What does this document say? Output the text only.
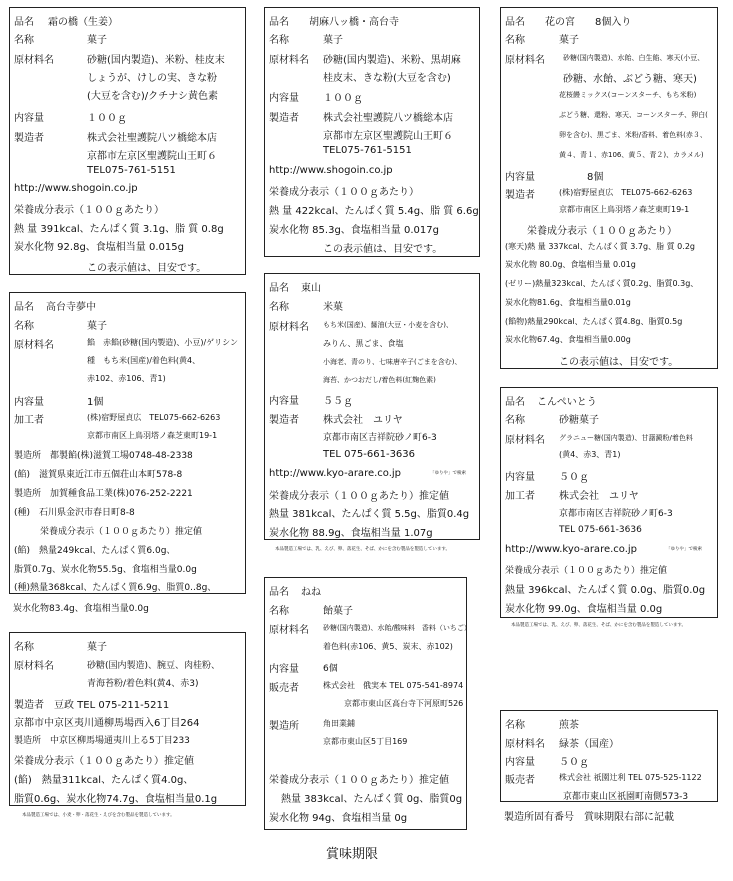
品名 霜の橋（生姜）
名称	菓子
原材料名	砂糖(国内製造)、米粉、桂皮末
しょうが、けしの実、きな粉
(大豆を含む)/クチナシ黄色素
内容量	１００ｇ
製造者	株式会社聖護院八ツ橋総本店
京都市左京区聖護院山王町６
TEL075-761-5151
http://www.shogoin.co.jp
栄養成分表示（１００ｇあたり）
熱 量 391kcal、たんぱく質 3.1g、脂 質 0.8g
炭水化物 92.8g、食塩相当量 0.015g
この表示値は、目安です。
品名 胡麻八ッ橋・高台寺
名称	菓子
原材料名 砂糖(国内製造)、米粉、黒胡麻
桂皮末、きな粉(大豆を含む)
内容量 １００ｇ
製造者 株式会社聖護院八ツ橋総本店
京都市左京区聖護院山王町６
TEL075-761-5151
http://www.shogoin.co.jp
栄養成分表示（１００ｇあたり）
熱 量 422kcal、たんぱく質 5.4g、脂 質 6.6g
炭水化物 85.3g、食塩相当量 0.017g
この表示値は、目安です。
品名 花の宮　　8個入り
名称	菓子
原材料名	砂糖(国内製造)、水飴、白生餡、寒天(小豆、
砂糖、水飴、ぶどう糖、寒天)
花桜饅ミックス(コーンスターチ、もち米粉)
ぶどう糖、還粉、寒天、コーンスターチ、卵白(
卵を含む)、黒ごま、米粉/香料、着色料(赤３、
黄４、青１、赤106、黄５、青２)、カラメル)
内容量	8個
製造者	(株)宿野屋貞広　TEL075-662-6263
京都市南区上鳥羽塔ノ森芝東町19-1
栄養成分表示（１００ｇあたり）
(寒天)熱 量 337kcal、たんぱく質 3.7g、脂 質 0.2g
炭水化物 80.0g、食塩相当量 0.01g
(ゼリー)熱量323kcal、たんぱく質0.2g、脂質0.3g、
炭水化物81.6g、食塩相当量0.01g
(餡物)熱量290kcal、たんぱく質4.8g、脂質0.5g
炭水化物67.4g、食塩相当量0.00g
この表示値は、目安です。
品名 高台寺夢中
名称	菓子
原材料名	餡　赤餡(砂糖(国内製造)、小豆)/ゲリシン
種　もち米(国産)/着色料(黄4、
赤102、赤106、青1)
内容量	1個
加工者	(株)宿野屋貞広　TEL075-662-6263
京都市南区上鳥羽塔ノ森芝東町19-1
製造所　都製餡(株)滋賀工場0748-48-2338
(餡)　滋賀県東近江市五個荘山本町578-8
製造所　加賀種食品工業(株)076-252-2221
(種)　石川県金沢市春日町8-8
栄養成分表示（１００ｇあたり）推定値
(餡)　熱量249kcal、たんぱく質6.0g、
脂質0.7g、炭水化物55.5g、食塩相当量0.0g
(種)熱量368kcal、たんぱく質6.9g、脂質0..8g、
炭水化物83.4g、食塩相当量0.0g
品名 東山
名称	米菓
原材料名 もち米(国産)、醤油(大豆・小麦を含む)、
みりん、黒ごま、食塩
小海老、青のり、七味唐辛子(ごまを含む)、
海苔、かつおだし/着色料(紅麹色素)
内容量 ５５ｇ
製造者 株式会社　ユリヤ
京都市南区吉祥院砂ノ町6-3
TEL 075-661-3636
http://www.kyo-arare.co.jp	「ゆりや」で検索
栄養成分表示（１００ｇあたり）推定値
熱量 381kcal、たんぱく質 5.5g、脂質0.4g
炭水化物 88.9g、食塩相当量 1.07g
本品製造工場では、乳、えび、卵、落花生、そば、かにを含む製品を製造しています。
品名 こんぺいとう
名称	砂糖菓子
原材料名 グラニュー糖(国内製造)、甘藷澱粉/着色料
(黄4、赤3、青1)
内容量 ５０ｇ
加工者 株式会社　ユリヤ
京都市南区吉祥院砂ノ町6-3
TEL 075-661-3636
http://www.kyo-arare.co.jp	「ゆりや」で検索
栄養成分表示（１００ｇあたり）推定値
熱量 396kcal、たんぱく質 0.0g、脂質0.0g
炭水化物 99.0g、食塩相当量 0.0g
本品製造工場では、乳、えび、卵、落花生、そば、かにを含む製品を製造しています。
名称	菓子
原材料名	砂糖(国内製造)、腕豆、肉桂粉、
青海苔粉/着色料(黄4、赤3)
製造者 豆政 TEL 075-211-5211
京都市中京区夷川通柳馬場西入6丁目264
製造所　中京区柳馬場通夷川上る5丁目233
栄養成分表示（１００ｇあたり）推定値
(餡)　熱量311kcal、たんぱく質4.0g、
脂質0.6g、炭水化物74.7g、食塩相当量0.1g
本品製造工場では、小麦・卵・落花生・えびを含む製品を製造しています。
品名 ねね
名称	飴菓子
原材料名 砂糖(国内製造)、水飴/酸味料　香料（いちご）
着色料(赤106、黄5、炭末、赤102)
内容量	6個
販売者	株式会社　俄実本 TEL 075-541-8974
京都市東山区高台寺下河原町526
製造所	角田業鋪
京都市東山区5丁目169
栄養成分表示（１００ｇあたり）推定値
熱量 383kcal、たんぱく質 0g、脂質0g
炭水化物 94g、食塩相当量 0g
名称	煎茶
原材料名 緑茶（国産）
内容量 ５０ｇ
販売者	株式会社 祇園辻利 TEL 075-525-1122
京都市東山区祇園町南側573-3
製造所固有番号　賞味期限右部に記載
賞味期限
